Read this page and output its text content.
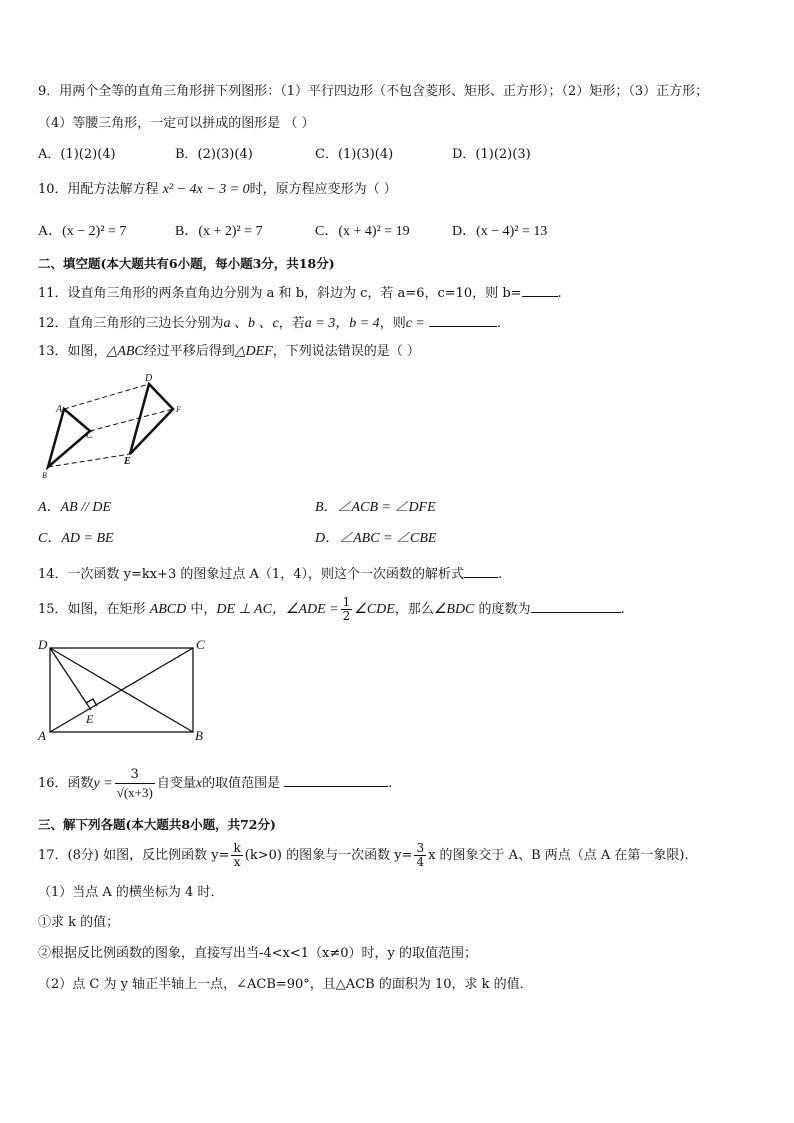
9．用两个全等的直角三角形拼下列图形：（1）平行四边形（不包含菱形、矩形、正方形）；（2）矩形；（3）正方形；
（4）等腰三角形，一定可以拼成的图形是 （ ）
A．(1)(2)(4)	B．(2)(3)(4)	C．(1)(3)(4)	D．(1)(2)(3)
10．用配方法解方程 x² − 4x − 3 = 0时，原方程应变形为（ ）
A．(x − 2)² = 7	B．(x + 2)² = 7	C．(x + 4)² = 19	D．(x − 4)² = 13
二、填空题(本大题共有6小题，每小题3分，共18分)
11．设直角三角形的两条直角边分别为 a 和 b，斜边为 c，若 a=6，c=10，则 b=	.
12．直角三角形的三边长分别为a 、b 、c，若a = 3，b = 4，则c =	.
13．如图，△ABC经过平移后得到△DEF，下列说法错误的是（ ）
A
B
C
D
E
F
A．AB // DE	B．∠ACB = ∠DFE
C．AD = BE	D．∠ABC = ∠CBE
14．一次函数 y=kx+3 的图象过点 A（1，4），则这个一次函数的解析式	.
15．如图，在矩形 ABCD 中，DE ⊥ AC，∠ADE = $\frac{1}{2}$ ∠CDE，那么∠BDC 的度数为	.
D	C
A	B
E
16．函数$y = \frac{3}{√(x+3)}$ 自变量x的取值范围是	.
三、解下列各题(本大题共8小题，共72分)
17．(8分) 如图，反比例函数 $y= \frac{k}{x} (k>0)$ 的图象与一次函数 $y= \frac{3}{4}$ x 的图象交于 A、B 两点（点 A 在第一象限).
（1）当点 A 的横坐标为 4 时．
①求 k 的值；
②根据反比例函数的图象，直接写出当-4<x<1（x≠0）时，y 的取值范围；
（2）点 C 为 y 轴正半轴上一点，∠ACB=90°，且△ACB 的面积为 10，求 k 的值．
